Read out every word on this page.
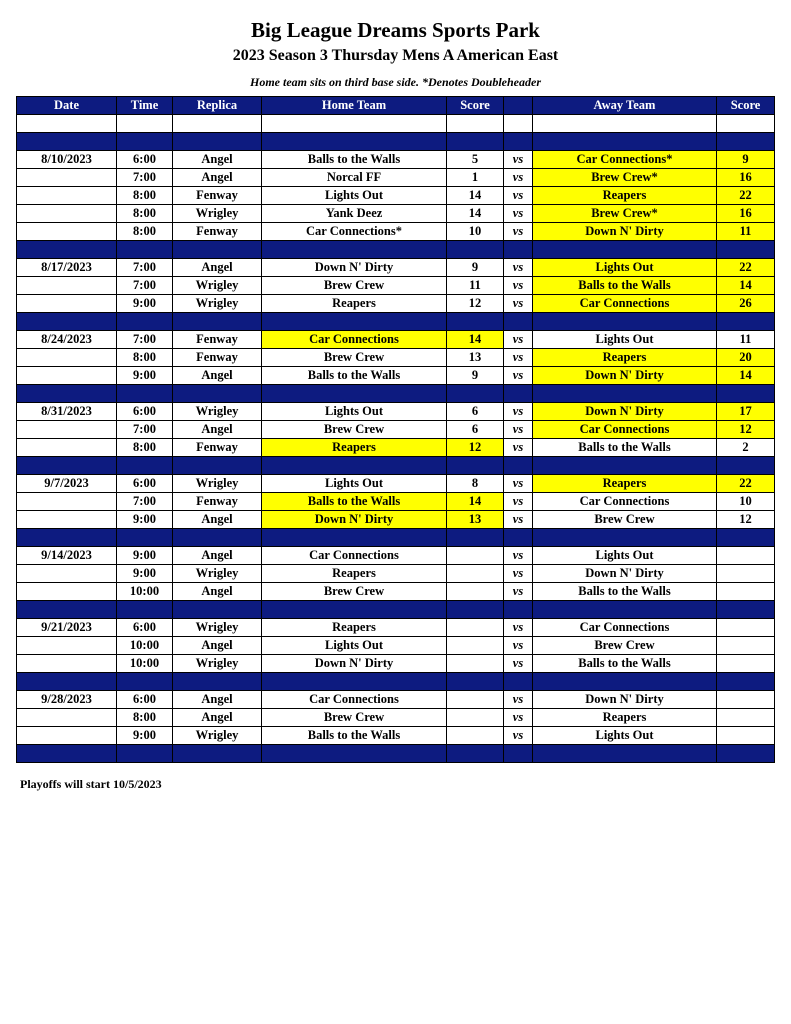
Big League Dreams Sports Park
2023 Season 3 Thursday Mens A American East
Home team sits on third base side. *Denotes Doubleheader
Date	Time	Replica	Home Team	Score		Away Team	Score

8/10/2023	6:00	Angel	Balls to the Walls	5	vs	Car Connections*	9
	7:00	Angel	Norcal FF	1	vs	Brew Crew*	16
	8:00	Fenway	Lights Out	14	vs	Reapers	22
	8:00	Wrigley	Yank Deez	14	vs	Brew Crew*	16
	8:00	Fenway	Car Connections*	10	vs	Down N' Dirty	11

8/17/2023	7:00	Angel	Down N' Dirty	9	vs	Lights Out	22
	7:00	Wrigley	Brew Crew	11	vs	Balls to the Walls	14
	9:00	Wrigley	Reapers	12	vs	Car Connections	26

8/24/2023	7:00	Fenway	Car Connections	14	vs	Lights Out	11
	8:00	Fenway	Brew Crew	13	vs	Reapers	20
	9:00	Angel	Balls to the Walls	9	vs	Down N' Dirty	14

8/31/2023	6:00	Wrigley	Lights Out	6	vs	Down N' Dirty	17
	7:00	Angel	Brew Crew	6	vs	Car Connections	12
	8:00	Fenway	Reapers	12	vs	Balls to the Walls	2

9/7/2023	6:00	Wrigley	Lights Out	8	vs	Reapers	22
	7:00	Fenway	Balls to the Walls	14	vs	Car Connections	10
	9:00	Angel	Down N' Dirty	13	vs	Brew Crew	12

9/14/2023	9:00	Angel	Car Connections		vs	Lights Out	
	9:00	Wrigley	Reapers		vs	Down N' Dirty	
	10:00	Angel	Brew Crew		vs	Balls to the Walls	

9/21/2023	6:00	Wrigley	Reapers		vs	Car Connections	
	10:00	Angel	Lights Out		vs	Brew Crew	
	10:00	Wrigley	Down N' Dirty		vs	Balls to the Walls	

9/28/2023	6:00	Angel	Car Connections		vs	Down N' Dirty	
	8:00	Angel	Brew Crew		vs	Reapers	
	9:00	Wrigley	Balls to the Walls		vs	Lights Out	

Playoffs will start 10/5/2023
